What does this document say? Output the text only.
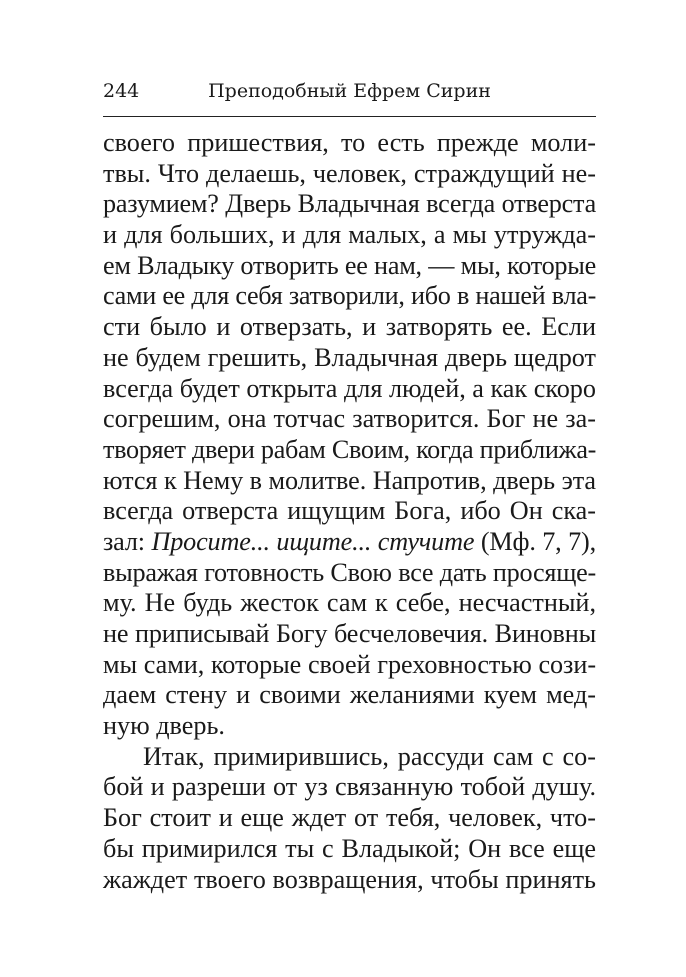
244	Преподобный Ефрем Сирин
своего пришествия, то есть прежде моли-
твы. Что делаешь, человек, страждущий не-
разумием? Дверь Владычная всегда отверста
и для больших, и для малых, а мы утружда-
ем Владыку отворить ее нам, — мы, которые
сами ее для себя затворили, ибо в нашей вла-
сти было и отверзать, и затворять ее. Если
не будем грешить, Владычная дверь щедрот
всегда будет открыта для людей, а как скоро
согрешим, она тотчас затворится. Бог не за-
творяет двери рабам Своим, когда приближа-
ются к Нему в молитве. Напротив, дверь эта
всегда отверста ищущим Бога, ибо Он ска-
зал: Просите... ищите... стучите (Мф. 7, 7),
выражая готовность Свою все дать просяще-
му. Не будь жесток сам к себе, несчастный,
не приписывай Богу бесчеловечия. Виновны
мы сами, которые своей греховностью сози-
даем стену и своими желаниями куем мед-
ную дверь.
Итак, примирившись, рассуди сам с со-
бой и разреши от уз связанную тобой душу.
Бог стоит и еще ждет от тебя, человек, что-
бы примирился ты с Владыкой; Он все еще
жаждет твоего возвращения, чтобы принять
